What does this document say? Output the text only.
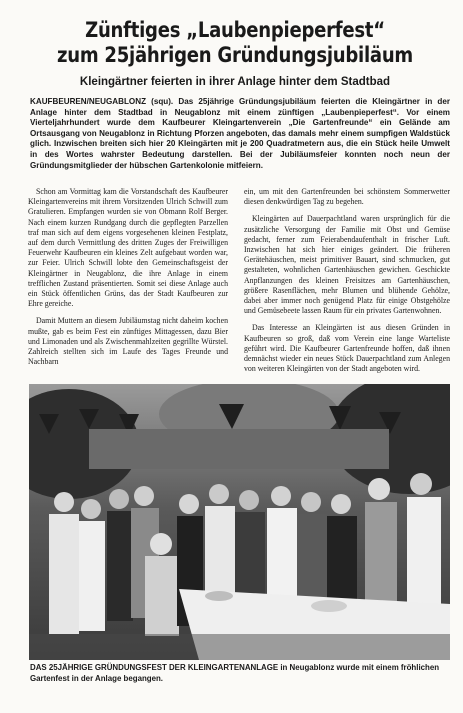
Zünftiges „Laubenpieperfest“
zum 25jährigen Gründungsjubiläum
Kleingärtner feierten in ihrer Anlage hinter dem Stadtbad
KAUFBEUREN/NEUGABLONZ (squ). Das 25jährige Gründungsjubiläum feierten die Kleingärtner in der Anlage hinter dem Stadtbad in Neugablonz mit einem zünftigen „Laubenpieperfest“. Vor einem Vierteljahrhundert wurde dem Kaufbeurer Kleingartenverein „Die Gartenfreunde“ ein Gelände am Ortsausgang von Neugablonz in Richtung Pforzen angeboten, das damals mehr einem sumpfigen Waldstück glich. Inzwischen breiten sich hier 20 Kleingärten mit je 200 Quadratmetern aus, die ein Stück heile Umwelt in des Wortes wahrster Bedeutung darstellen. Bei der Jubiläumsfeier konnten noch neun der Gründungsmitglieder der hübschen Gartenkolonie mitfeiern.

Schon am Vormittag kam die Vorstandschaft des Kaufbeurer Kleingartenvereins mit ihrem Vorsitzenden Ulrich Schwill zum Gratulieren. Empfangen wurden sie von Obmann Rolf Berger. Nach einem kurzen Rundgang durch die gepflegten Parzellen traf man sich auf dem eigens vorgesehenen kleinen Festplatz, auf dem durch Vermittlung des dritten Zuges der Freiwilligen Feuerwehr Kaufbeuren ein kleines Zelt aufgebaut worden war, zur Feier. Ulrich Schwill lobte den Gemeinschaftsgeist der Kleingärtner in Neugablonz, die ihre Anlage in einem trefflichen Zustand präsentierten. Somit sei diese Anlage auch ein Stück öffentlichen Grüns, das der Stadt Kaufbeuren zur Ehre gereiche.

Damit Muttern an diesem Jubiläumstag nicht daheim kochen mußte, gab es beim Fest ein zünftiges Mittagessen, dazu Bier und Limonaden und als Zwischenmahlzeiten gegrillte Würstel. Zahlreich stellten sich im Laufe des Tages Freunde und Nachbarn

ein, um mit den Gartenfreunden bei schönstem Sommerwetter diesen denkwürdigen Tag zu begehen.

Kleingärten auf Dauerpachtland waren ursprünglich für die zusätzliche Versorgung der Familie mit Obst und Gemüse gedacht, ferner zum Feierabendaufenthalt in frischer Luft. Inzwischen hat sich hier einiges geändert. Die früheren Gerätehäuschen, meist primitiver Bauart, sind schmucken, gut gestalteten, wohnlichen Gartenhäuschen gewichen. Geschickte Anpflanzungen des kleinen Freisitzes am Gartenhäuschen, größere Rasenflächen, mehr Blumen und blühende Gehölze, dabei aber immer noch genügend Platz für einige Obstgehölze und Gemüsebeete lassen Raum für ein privates Gartenwohnen.

Das Interesse an Kleingärten ist aus diesen Gründen in Kaufbeuren so groß, daß vom Verein eine lange Warteliste geführt wird. Die Kaufbeurer Gartenfreunde hoffen, daß ihnen demnächst wieder ein neues Stück Dauerpachtland zum Anlegen von weiteren Kleingärten von der Stadt angeboten wird.

DAS 25JÄHRIGE GRÜNDUNGSFEST DER KLEINGARTENANLAGE in Neugablonz wurde mit einem fröhlichen Gartenfest in der Anlage begangen.
